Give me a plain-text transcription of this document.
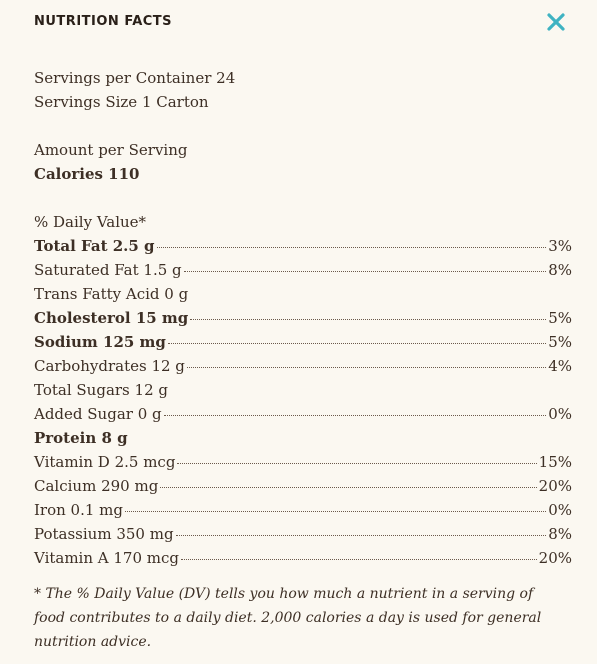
NUTRITION FACTS
Servings per Container 24
Servings Size 1 Carton
Amount per Serving
Calories 110
% Daily Value*
Total Fat 2.5 g	3%
Saturated Fat 1.5 g	8%
Trans Fatty Acid 0 g
Cholesterol 15 mg	5%
Sodium 125 mg	5%
Carbohydrates 12 g	4%
Total Sugars 12 g
Added Sugar 0 g	0%
Protein 8 g
Vitamin D 2.5 mcg	15%
Calcium 290 mg	20%
Iron 0.1 mg	0%
Potassium 350 mg	8%
Vitamin A 170 mcg	20%
* The % Daily Value (DV) tells you how much a nutrient in a serving of food contributes to a daily diet. 2,000 calories a day is used for general nutrition advice.
